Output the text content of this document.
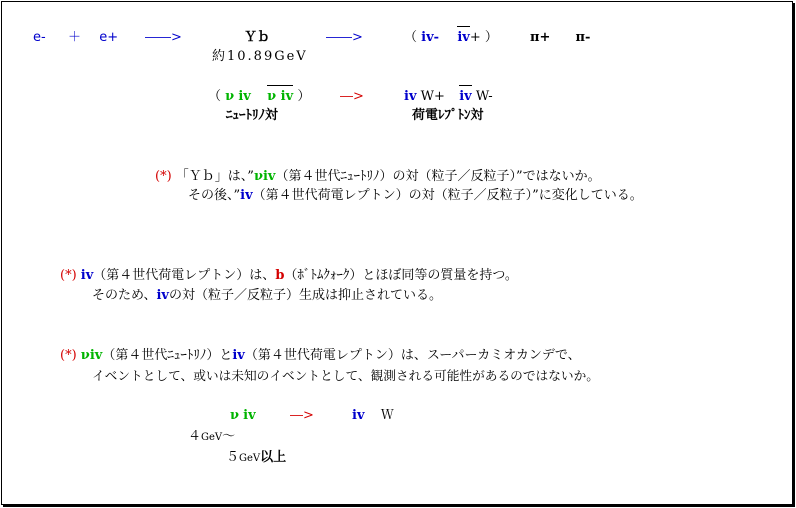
e- ＋ e+ ――>	Ｙｂ	――>	（ iv- iv+ ） π+ π-
約10.89GeV
（ ν iv ν iv ） ―>	iv W+ iv W-
ﾆｭｰﾄﾘﾉ対	荷電ﾚﾌﾟﾄﾝ対
(*) 「Ｙｂ」は、”νiv（第４世代ﾆｭｰﾄﾘﾉ）の対（粒子／反粒子）”ではないか。
その後、”iv（第４世代荷電レプトン）の対（粒子／反粒子）”に変化している。
(*) iv（第４世代荷電レプトン）は、b（ﾎﾞﾄﾑｸｫｰｸ）とほぼ同等の質量を持つ。
そのため、ivの対（粒子／反粒子）生成は抑止されている。
(*) νiv（第４世代ﾆｭｰﾄﾘﾉ）とiv（第４世代荷電レプトン）は、スーパーカミオカンデで、
イベントとして、或いは未知のイベントとして、観測される可能性があるのではないか。
ν iv	―>	iv Ｗ
４GeV～
５GeV以上
